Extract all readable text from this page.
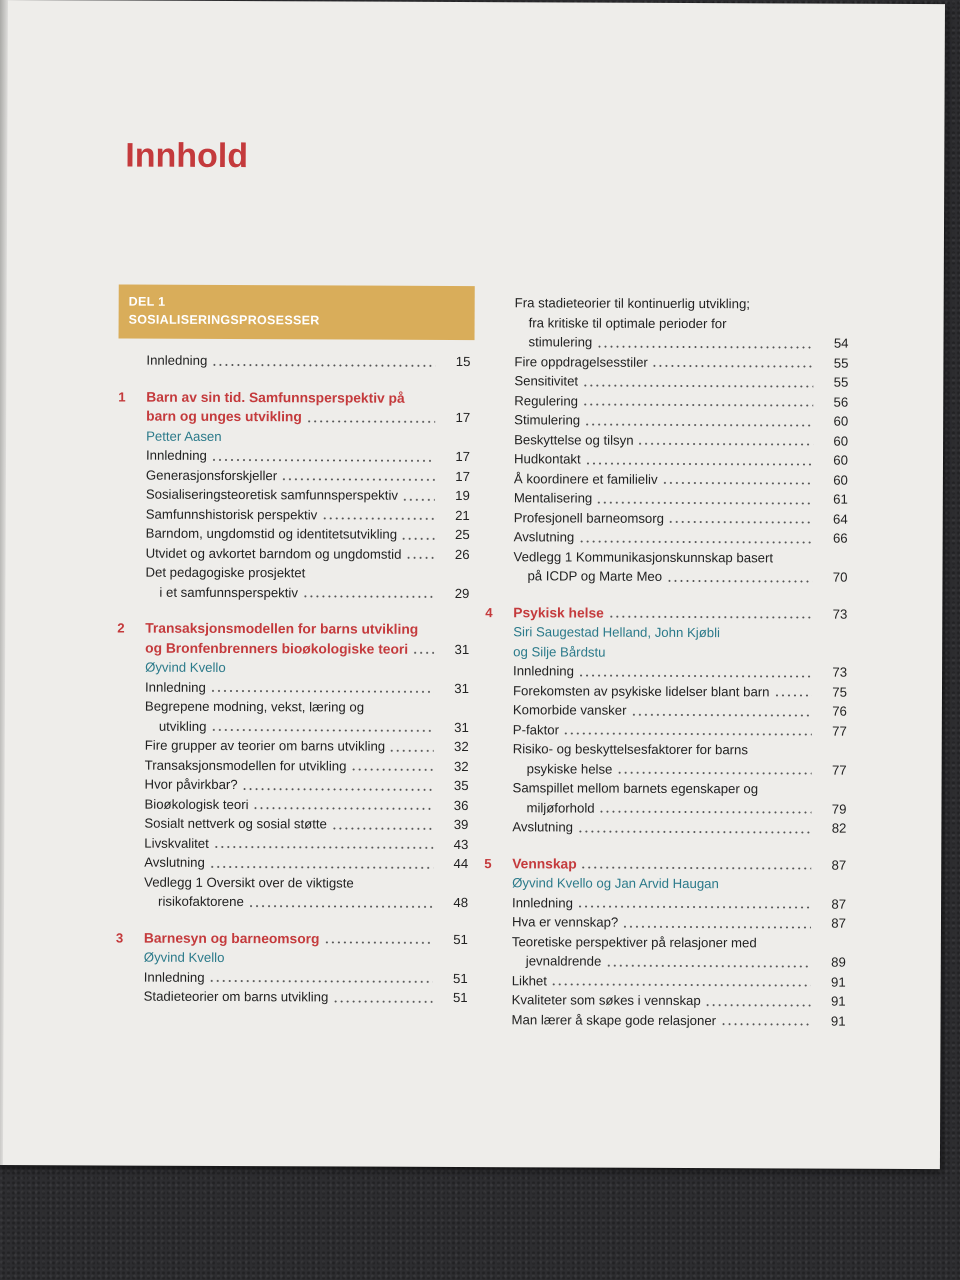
Innhold
DEL 1
SOSIALISERINGSPROSESSER
Innledning	15
1	Barn av sin tid. Samfunnsperspektiv på
barn og unges utvikling	17
Petter Aasen
Innledning	17
Generasjonsforskjeller	17
Sosialiseringsteoretisk samfunnsperspektiv	19
Samfunnshistorisk perspektiv	21
Barndom, ungdomstid og identitetsutvikling	25
Utvidet og avkortet barndom og ungdomstid	26
Det pedagogiske prosjektet
i et samfunnsperspektiv	29
2	Transaksjonsmodellen for barns utvikling
og Bronfenbrenners bioøkologiske teori	31
Øyvind Kvello
Innledning	31
Begrepene modning, vekst, læring og
utvikling	31
Fire grupper av teorier om barns utvikling	32
Transaksjonsmodellen for utvikling	32
Hvor påvirkbar?	35
Bioøkologisk teori	36
Sosialt nettverk og sosial støtte	39
Livskvalitet	43
Avslutning	44
Vedlegg 1 Oversikt over de viktigste
risikofaktorene	48
3	Barnesyn og barneomsorg	51
Øyvind Kvello
Innledning	51
Stadieteorier om barns utvikling	51
Fra stadieteorier til kontinuerlig utvikling;
fra kritiske til optimale perioder for
stimulering	54
Fire oppdragelsesstiler	55
Sensitivitet	55
Regulering	56
Stimulering	60
Beskyttelse og tilsyn	60
Hudkontakt	60
Å koordinere et familieliv	60
Mentalisering	61
Profesjonell barneomsorg	64
Avslutning	66
Vedlegg 1 Kommunikasjonskunnskap basert
på ICDP og Marte Meo	70
4	Psykisk helse	73
Siri Saugestad Helland, John Kjøbli
og Silje Bårdstu
Innledning	73
Forekomsten av psykiske lidelser blant barn	75
Komorbide vansker	76
P-faktor	77
Risiko- og beskyttelsesfaktorer for barns
psykiske helse	77
Samspillet mellom barnets egenskaper og
miljøforhold	79
Avslutning	82
5	Vennskap	87
Øyvind Kvello og Jan Arvid Haugan
Innledning	87
Hva er vennskap?	87
Teoretiske perspektiver på relasjoner med
jevnaldrende	89
Likhet	91
Kvaliteter som søkes i vennskap	91
Man lærer å skape gode relasjoner	91
